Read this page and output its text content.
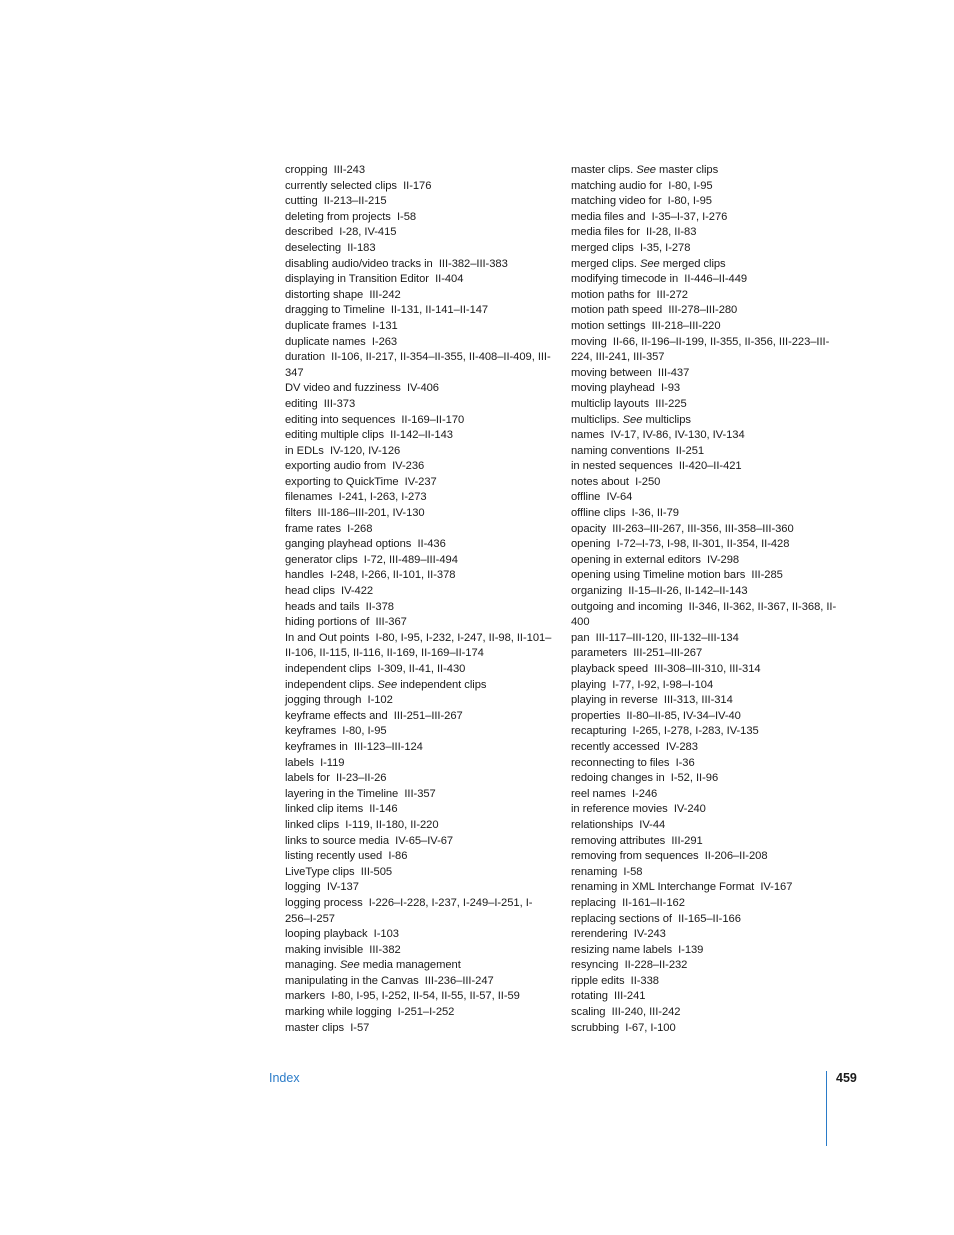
cropping III-243
currently selected clips II-176
cutting II-213–II-215
deleting from projects I-58
described I-28, IV-415
deselecting II-183
disabling audio/video tracks in III-382–III-383
displaying in Transition Editor II-404
distorting shape III-242
dragging to Timeline II-131, II-141–II-147
duplicate frames I-131
duplicate names I-263
duration II-106, II-217, II-354–II-355, II-408–II-409, III-347
DV video and fuzziness IV-406
editing III-373
editing into sequences II-169–II-170
editing multiple clips II-142–II-143
in EDLs IV-120, IV-126
exporting audio from IV-236
exporting to QuickTime IV-237
filenames I-241, I-263, I-273
filters III-186–III-201, IV-130
frame rates I-268
ganging playhead options II-436
generator clips I-72, III-489–III-494
handles I-248, I-266, II-101, II-378
head clips IV-422
heads and tails II-378
hiding portions of III-367
In and Out points I-80, I-95, I-232, I-247, II-98, II-101–II-106, II-115, II-116, II-169, II-169–II-174
independent clips I-309, II-41, II-430
independent clips. See independent clips
jogging through I-102
keyframe effects and III-251–III-267
keyframes I-80, I-95
keyframes in III-123–III-124
labels I-119
labels for II-23–II-26
layering in the Timeline III-357
linked clip items II-146
linked clips I-119, II-180, II-220
links to source media IV-65–IV-67
listing recently used I-86
LiveType clips III-505
logging IV-137
logging process I-226–I-228, I-237, I-249–I-251, I-256–I-257
looping playback I-103
making invisible III-382
managing. See media management
manipulating in the Canvas III-236–III-247
markers I-80, I-95, I-252, II-54, II-55, II-57, II-59
marking while logging I-251–I-252
master clips I-57
master clips. See master clips
matching audio for I-80, I-95
matching video for I-80, I-95
media files and I-35–I-37, I-276
media files for II-28, II-83
merged clips I-35, I-278
merged clips. See merged clips
modifying timecode in II-446–II-449
motion paths for III-272
motion path speed III-278–III-280
motion settings III-218–III-220
moving II-66, II-196–II-199, II-355, II-356, III-223–III-224, III-241, III-357
moving between III-437
moving playhead I-93
multiclip layouts III-225
multiclips. See multiclips
names IV-17, IV-86, IV-130, IV-134
naming conventions II-251
in nested sequences II-420–II-421
notes about I-250
offline IV-64
offline clips I-36, II-79
opacity III-263–III-267, III-356, III-358–III-360
opening I-72–I-73, I-98, II-301, II-354, II-428
opening in external editors IV-298
opening using Timeline motion bars III-285
organizing II-15–II-26, II-142–II-143
outgoing and incoming II-346, II-362, II-367, II-368, II-400
pan III-117–III-120, III-132–III-134
parameters III-251–III-267
playback speed III-308–III-310, III-314
playing I-77, I-92, I-98–I-104
playing in reverse III-313, III-314
properties II-80–II-85, IV-34–IV-40
recapturing I-265, I-278, I-283, IV-135
recently accessed IV-283
reconnecting to files I-36
redoing changes in I-52, II-96
reel names I-246
in reference movies IV-240
relationships IV-44
removing attributes III-291
removing from sequences II-206–II-208
renaming I-58
renaming in XML Interchange Format IV-167
replacing II-161–II-162
replacing sections of II-165–II-166
rerendering IV-243
resizing name labels I-139
resyncing II-228–II-232
ripple edits II-338
rotating III-241
scaling III-240, III-242
scrubbing I-67, I-100
Index	459
